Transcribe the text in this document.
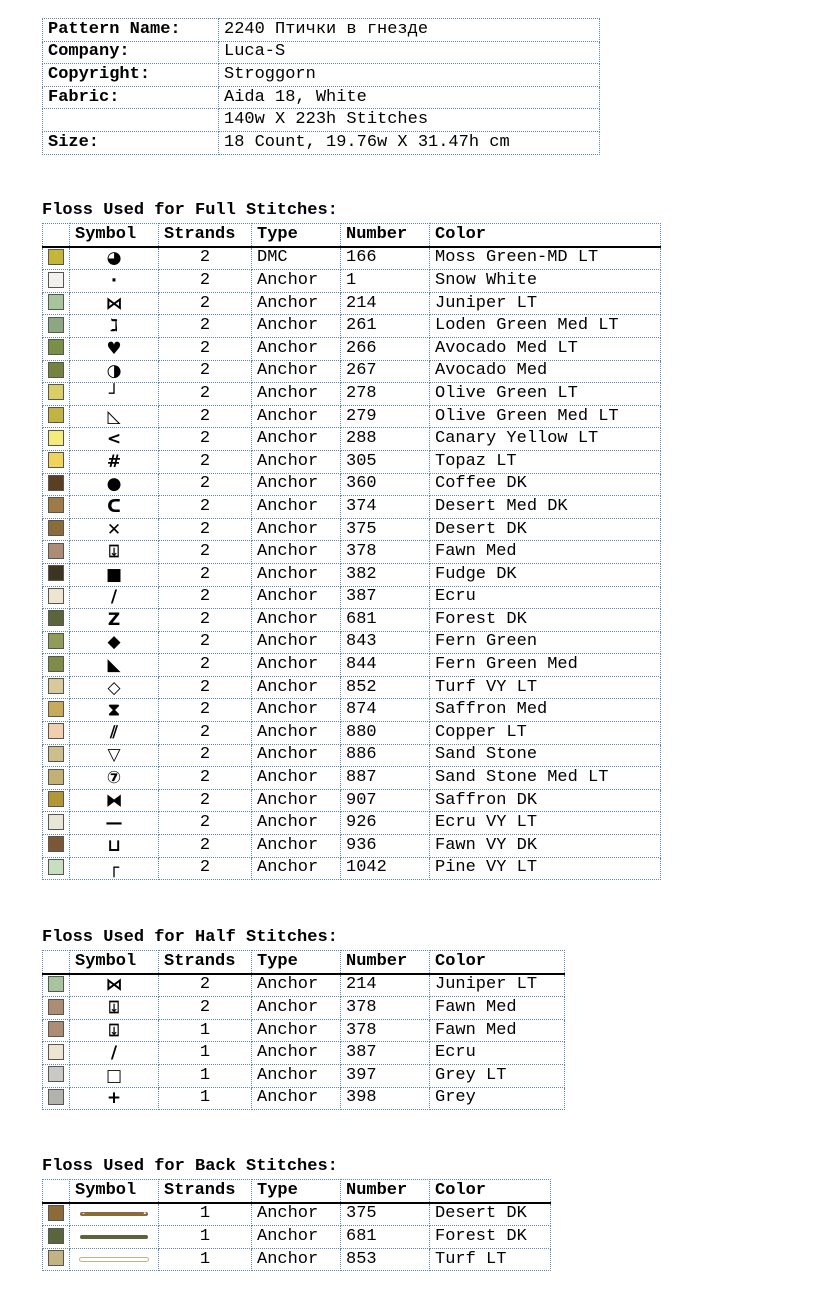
Pattern Name:	2240 Птички в гнезде
Company:	Luca-S
Copyright:	Stroggorn
Fabric:	Aida 18, White
	140w X 223h Stitches
Size:	18 Count, 19.76w X 31.47h cm
Floss Used for Full Stitches:
	Symbol	Strands	Type	Number	Color
	◕	2	DMC	166	Moss Green-MD LT
	·	2	Anchor	1	Snow White
	⋈	2	Anchor	214	Juniper LT
	ℷ	2	Anchor	261	Loden Green Med LT
	♥	2	Anchor	266	Avocado Med LT
	◑	2	Anchor	267	Avocado Med
	┘	2	Anchor	278	Olive Green LT
	◺	2	Anchor	279	Olive Green Med LT
	<	2	Anchor	288	Canary Yellow LT
	#	2	Anchor	305	Topaz LT
	●	2	Anchor	360	Coffee DK
	ᑕ	2	Anchor	374	Desert Med DK
	✕	2	Anchor	375	Desert DK
	⍗	2	Anchor	378	Fawn Med
	■	2	Anchor	382	Fudge DK
	/	2	Anchor	387	Ecru
	Z	2	Anchor	681	Forest DK
	◆	2	Anchor	843	Fern Green
	◣	2	Anchor	844	Fern Green Med
	◇	2	Anchor	852	Turf VY LT
	⧗	2	Anchor	874	Saffron Med
	⫽	2	Anchor	880	Copper LT
	▽	2	Anchor	886	Sand Stone
	⑦	2	Anchor	887	Sand Stone Med LT
	⧓	2	Anchor	907	Saffron DK
	—	2	Anchor	926	Ecru VY LT
	⊔	2	Anchor	936	Fawn VY DK
	┌	2	Anchor	1042	Pine VY LT
Floss Used for Half Stitches:
	Symbol	Strands	Type	Number	Color
	⋈	2	Anchor	214	Juniper LT
	⍗	2	Anchor	378	Fawn Med
	⍗	1	Anchor	378	Fawn Med
	/	1	Anchor	387	Ecru
	□	1	Anchor	397	Grey LT
	+	1	Anchor	398	Grey
Floss Used for Back Stitches:
	Symbol	Strands	Type	Number	Color
		1	Anchor	375	Desert DK
		1	Anchor	681	Forest DK
		1	Anchor	853	Turf LT
